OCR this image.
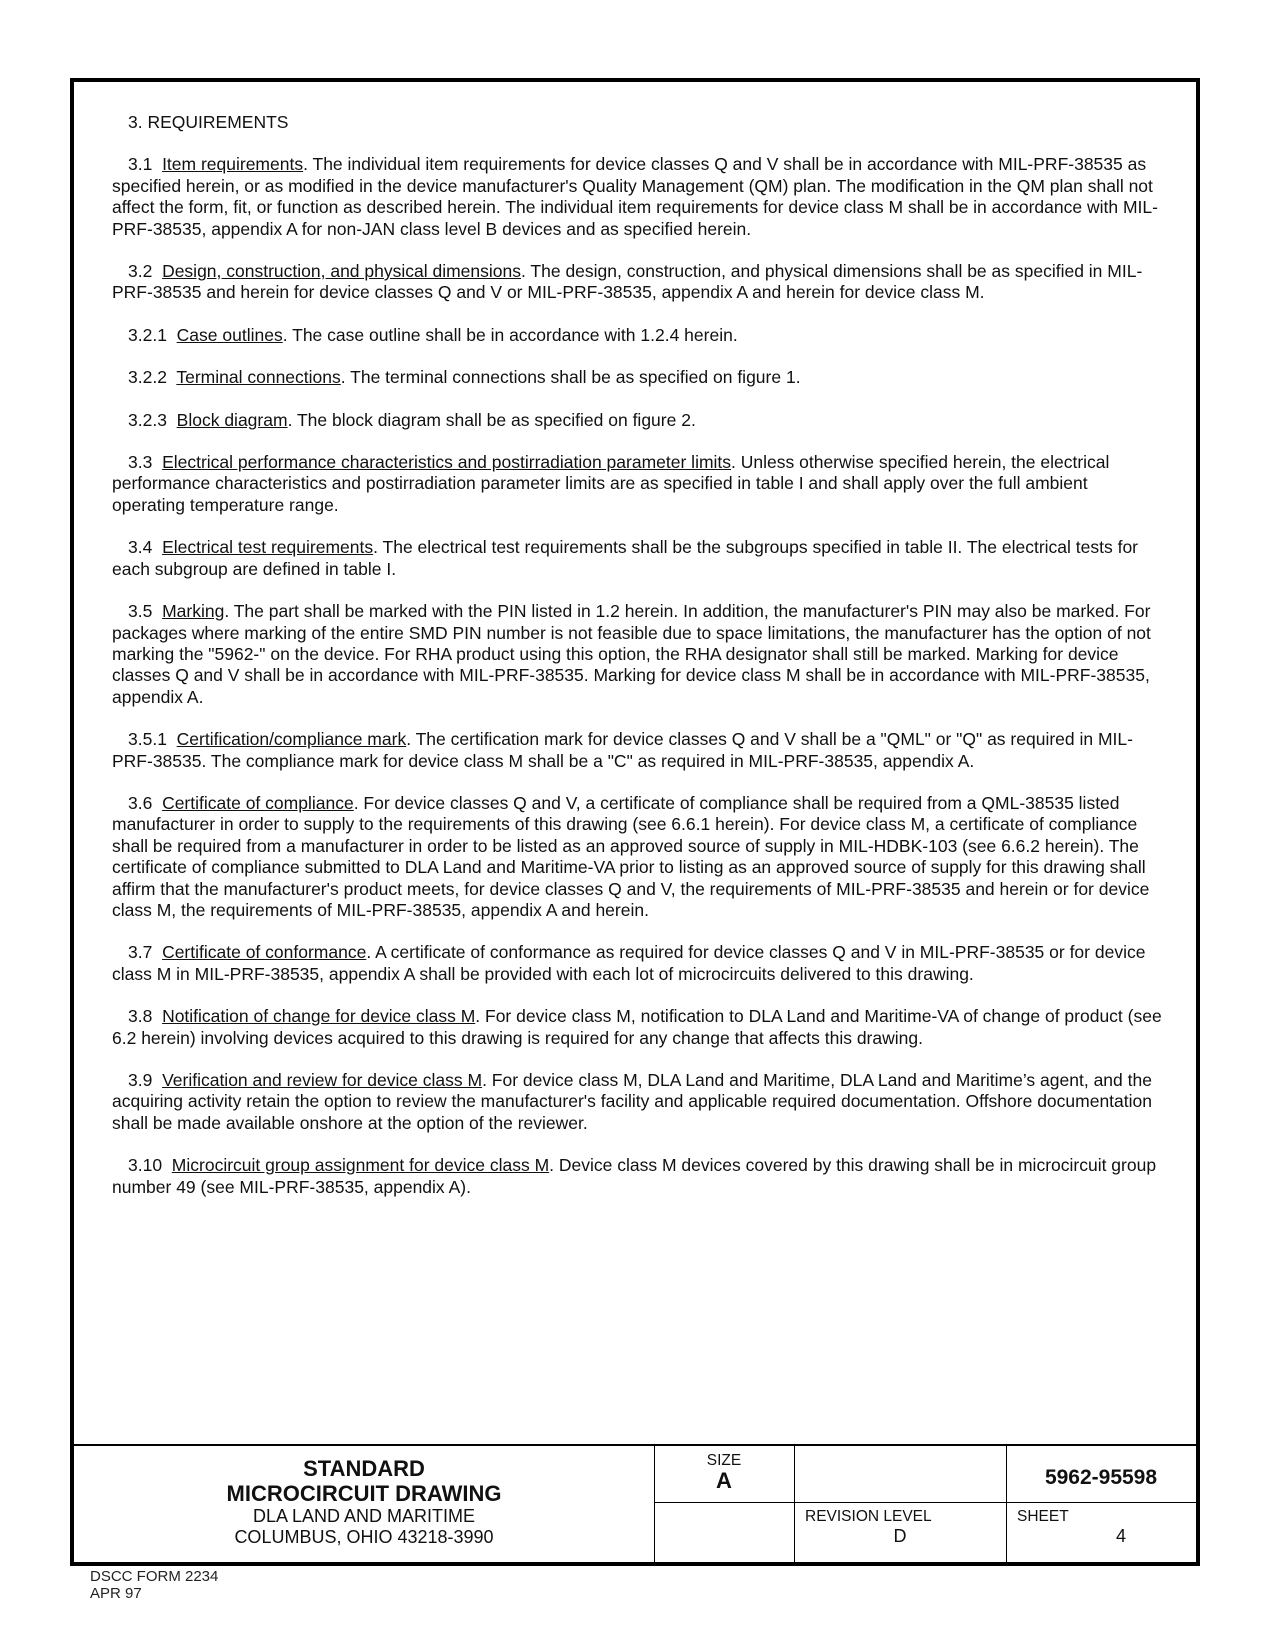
3. REQUIREMENTS

3.1 Item requirements. The individual item requirements for device classes Q and V shall be in accordance with MIL-PRF-38535 as specified herein, or as modified in the device manufacturer's Quality Management (QM) plan. The modification in the QM plan shall not affect the form, fit, or function as described herein. The individual item requirements for device class M shall be in accordance with MIL-PRF-38535, appendix A for non-JAN class level B devices and as specified herein.

3.2 Design, construction, and physical dimensions. The design, construction, and physical dimensions shall be as specified in MIL-PRF-38535 and herein for device classes Q and V or MIL-PRF-38535, appendix A and herein for device class M.

3.2.1 Case outlines. The case outline shall be in accordance with 1.2.4 herein.

3.2.2 Terminal connections. The terminal connections shall be as specified on figure 1.

3.2.3 Block diagram. The block diagram shall be as specified on figure 2.

3.3 Electrical performance characteristics and postirradiation parameter limits. Unless otherwise specified herein, the electrical performance characteristics and postirradiation parameter limits are as specified in table I and shall apply over the full ambient operating temperature range.

3.4 Electrical test requirements. The electrical test requirements shall be the subgroups specified in table II. The electrical tests for each subgroup are defined in table I.

3.5 Marking. The part shall be marked with the PIN listed in 1.2 herein. In addition, the manufacturer's PIN may also be marked. For packages where marking of the entire SMD PIN number is not feasible due to space limitations, the manufacturer has the option of not marking the "5962-" on the device. For RHA product using this option, the RHA designator shall still be marked. Marking for device classes Q and V shall be in accordance with MIL-PRF-38535. Marking for device class M shall be in accordance with MIL-PRF-38535, appendix A.

3.5.1 Certification/compliance mark. The certification mark for device classes Q and V shall be a "QML" or "Q" as required in MIL-PRF-38535. The compliance mark for device class M shall be a "C" as required in MIL-PRF-38535, appendix A.

3.6 Certificate of compliance. For device classes Q and V, a certificate of compliance shall be required from a QML-38535 listed manufacturer in order to supply to the requirements of this drawing (see 6.6.1 herein). For device class M, a certificate of compliance shall be required from a manufacturer in order to be listed as an approved source of supply in MIL-HDBK-103 (see 6.6.2 herein). The certificate of compliance submitted to DLA Land and Maritime-VA prior to listing as an approved source of supply for this drawing shall affirm that the manufacturer's product meets, for device classes Q and V, the requirements of MIL-PRF-38535 and herein or for device class M, the requirements of MIL-PRF-38535, appendix A and herein.

3.7 Certificate of conformance. A certificate of conformance as required for device classes Q and V in MIL-PRF-38535 or for device class M in MIL-PRF-38535, appendix A shall be provided with each lot of microcircuits delivered to this drawing.

3.8 Notification of change for device class M. For device class M, notification to DLA Land and Maritime-VA of change of product (see 6.2 herein) involving devices acquired to this drawing is required for any change that affects this drawing.

3.9 Verification and review for device class M. For device class M, DLA Land and Maritime, DLA Land and Maritime’s agent, and the acquiring activity retain the option to review the manufacturer's facility and applicable required documentation. Offshore documentation shall be made available onshore at the option of the reviewer.

3.10 Microcircuit group assignment for device class M. Device class M devices covered by this drawing shall be in microcircuit group number 49 (see MIL-PRF-38535, appendix A).

STANDARD
MICROCIRCUIT DRAWING
DLA LAND AND MARITIME
COLUMBUS, OHIO 43218-3990
SIZE
A	5962-95598
REVISION LEVEL
D
SHEET
4
DSCC FORM 2234
APR 97
